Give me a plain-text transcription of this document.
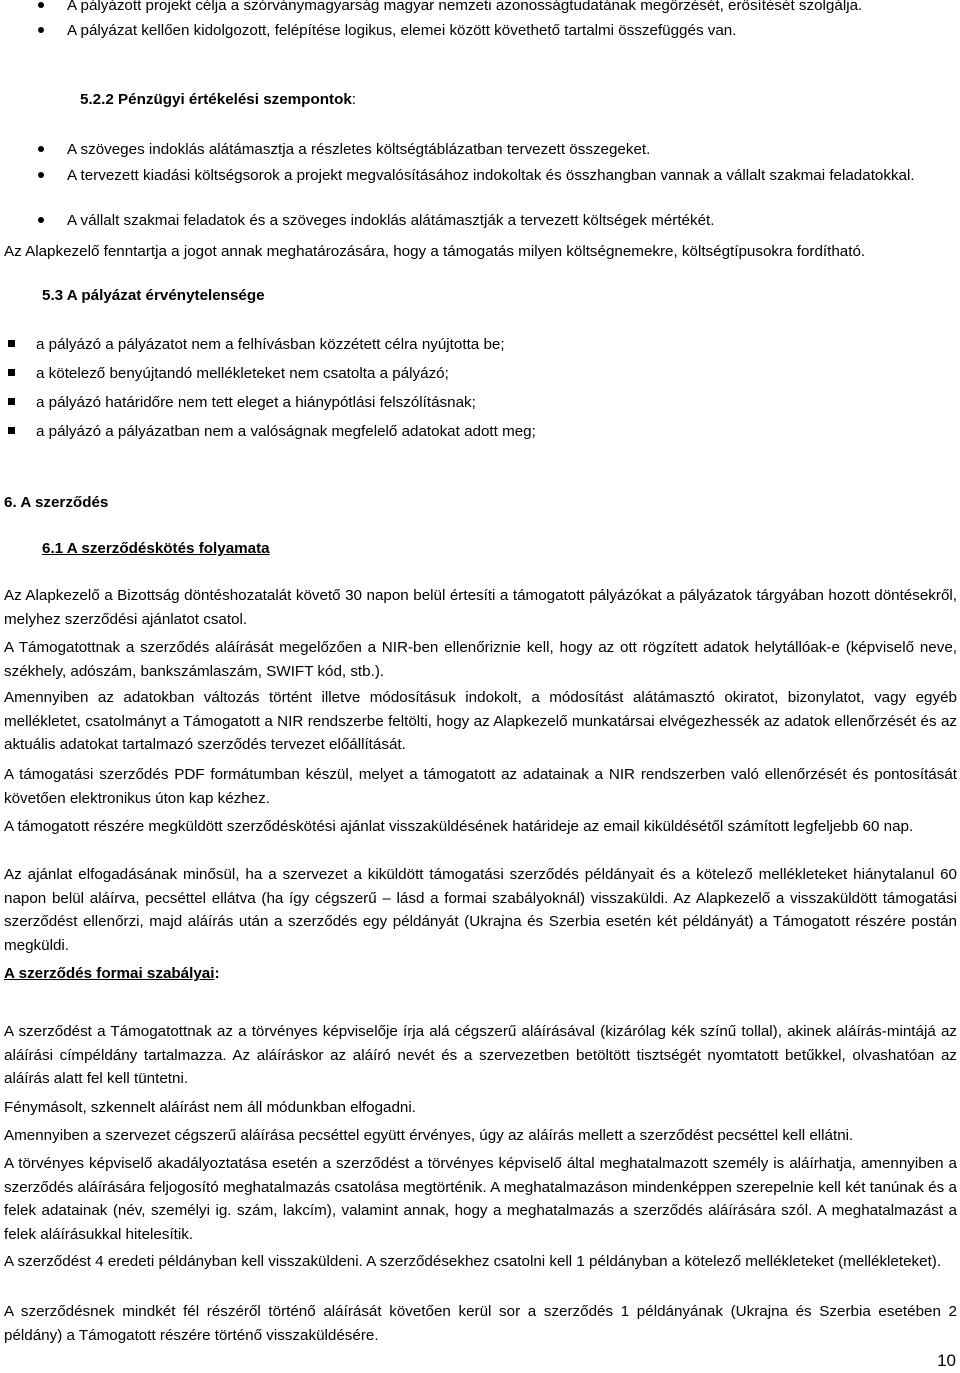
A pályázott projekt célja a szórványmagyarság magyar nemzeti azonosságtudatának megőrzését, erősítését szolgálja.
A pályázat kellően kidolgozott, felépítése logikus, elemei között követhető tartalmi összefüggés van.
5.2.2 Pénzügyi értékelési szempontok:
A szöveges indoklás alátámasztja a részletes költségtáblázatban tervezett összegeket.
A tervezett kiadási költségsorok a projekt megvalósításához indokoltak és összhangban vannak a vállalt szakmai feladatokkal.
A vállalt szakmai feladatok és a szöveges indoklás alátámasztják a tervezett költségek mértékét.
Az Alapkezelő fenntartja a jogot annak meghatározására, hogy a támogatás milyen költségnemekre, költségtípusokra fordítható.
5.3 A pályázat érvénytelensége
a pályázó a pályázatot nem a felhívásban közzétett célra nyújtotta be;
a kötelező benyújtandó mellékleteket nem csatolta a pályázó;
a pályázó határidőre nem tett eleget a hiánypótlási felszólításnak;
a pályázó a pályázatban nem a valóságnak megfelelő adatokat adott meg;
6. A szerződés
6.1 A szerződéskötés folyamata
Az Alapkezelő a Bizottság döntéshozatalát követő 30 napon belül értesíti a támogatott pályázókat a pályázatok tárgyában hozott döntésekről, melyhez szerződési ajánlatot csatol.
A Támogatottnak a szerződés aláírását megelőzően a NIR-ben ellenőriznie kell, hogy az ott rögzített adatok helytállóak-e (képviselő neve, székhely, adószám, bankszámlaszám, SWIFT kód, stb.).
Amennyiben az adatokban változás történt illetve módosításuk indokolt, a módosítást alátámasztó okiratot, bizonylatot, vagy egyéb mellékletet, csatolmányt a Támogatott a NIR rendszerbe feltölti, hogy az Alapkezelő munkatársai elvégezhessék az adatok ellenőrzését és az aktuális adatokat tartalmazó szerződés tervezet előállítását.
A támogatási szerződés PDF formátumban készül, melyet a támogatott az adatainak a NIR rendszerben való ellenőrzését és pontosítását követően elektronikus úton kap kézhez.
A támogatott részére megküldött szerződéskötési ajánlat visszaküldésének határideje az email kiküldésétől számított legfeljebb 60 nap.
Az ajánlat elfogadásának minősül, ha a szervezet a kiküldött támogatási szerződés példányait és a kötelező mellékleteket hiánytalanul 60 napon belül aláírva, pecséttel ellátva (ha így cégszerű – lásd a formai szabályoknál) visszaküldi. Az Alapkezelő a visszaküldött támogatási szerződést ellenőrzi, majd aláírás után a szerződés egy példányát (Ukrajna és Szerbia esetén két példányát) a Támogatott részére postán megküldi.
A szerződés formai szabályai:
A szerződést a Támogatottnak az a törvényes képviselője írja alá cégszerű aláírásával (kizárólag kék színű tollal), akinek aláírás-mintájá az aláírási címpéldány tartalmazza. Az aláíráskor az aláíró nevét és a szervezetben betöltött tisztségét nyomtatott betűkkel, olvashatóan az aláírás alatt fel kell tüntetni.
Fénymásolt, szkennelt aláírást nem áll módunkban elfogadni.
Amennyiben a szervezet cégszerű aláírása pecséttel együtt érvényes, úgy az aláírás mellett a szerződést pecséttel kell ellátni.
A törvényes képviselő akadályoztatása esetén a szerződést a törvényes képviselő által meghatalmazott személy is aláírhatja, amennyiben a szerződés aláírására feljogosító meghatalmazás csatolása megtörténik. A meghatalmazáson mindenképpen szerepelnie kell két tanúnak és a felek adatainak (név, személyi ig. szám, lakcím), valamint annak, hogy a meghatalmazás a szerződés aláírására szól. A meghatalmazást a felek aláírásukkal hitelesítik.
A szerződést 4 eredeti példányban kell visszaküldeni. A szerződésekhez csatolni kell 1 példányban a kötelező mellékleteket (mellékleteket).
A szerződésnek mindkét fél részéről történő aláírását követően kerül sor a szerződés 1 példányának (Ukrajna és Szerbia esetében 2 példány) a Támogatott részére történő visszaküldésére.
10
